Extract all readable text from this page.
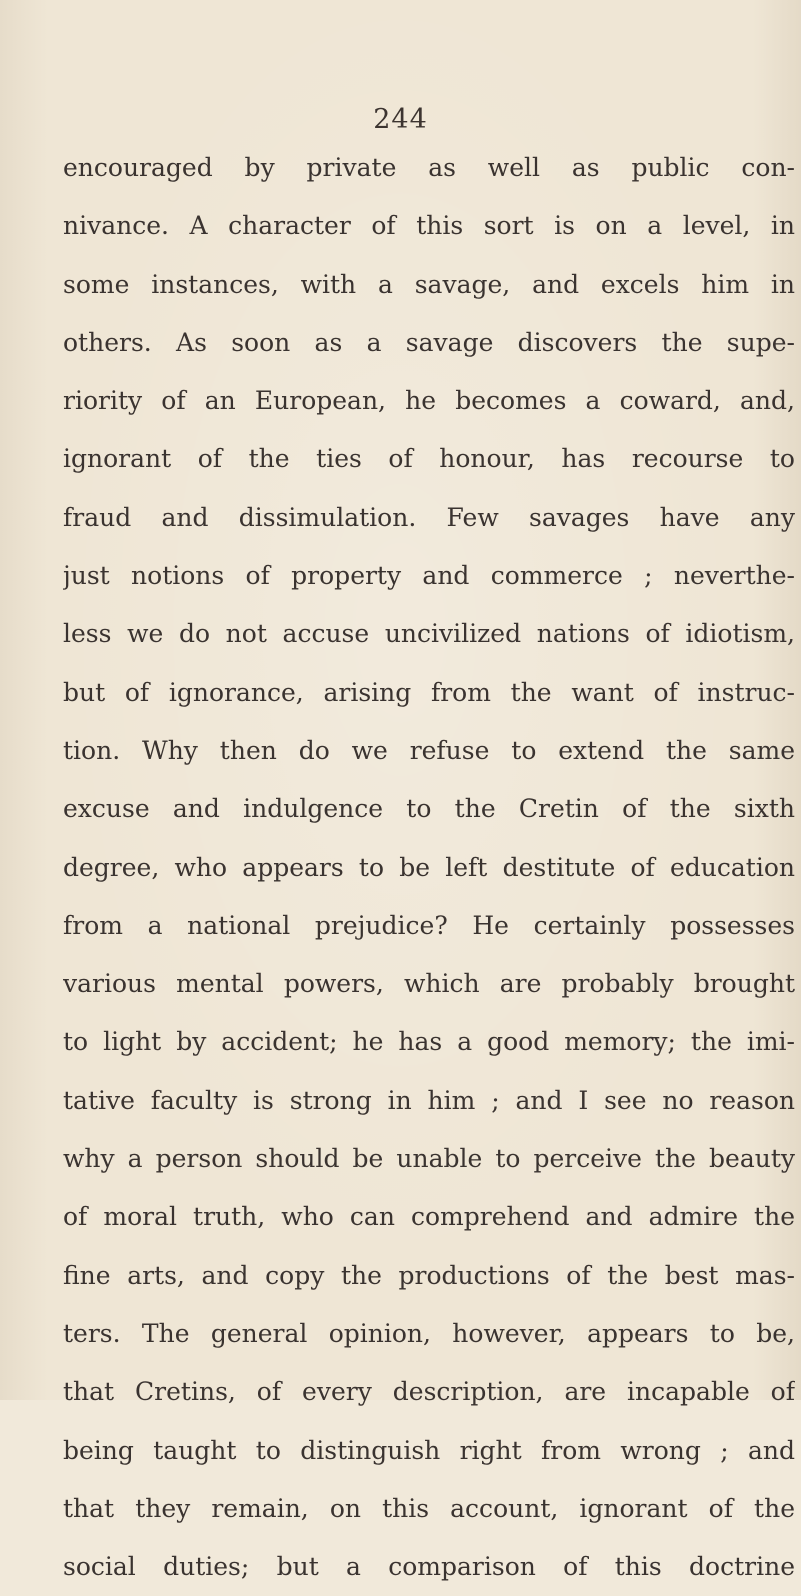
244
encouraged by private as well as public con-
nivance. A character of this sort is on a level, in
some instances, with a savage, and excels him in
others. As soon as a savage discovers the supe-
riority of an European, he becomes a coward, and,
ignorant of the ties of honour, has recourse to
fraud and dissimulation. Few savages have any
just notions of property and commerce ; neverthe-
less we do not accuse uncivilized nations of idiotism,
but of ignorance, arising from the want of instruc-
tion. Why then do we refuse to extend the same
excuse and indulgence to the Cretin of the sixth
degree, who appears to be left destitute of education
from a national prejudice? He certainly possesses
various mental powers, which are probably brought
to light by accident; he has a good memory; the imi-
tative faculty is strong in him ; and I see no reason
why a person should be unable to perceive the beauty
of moral truth, who can comprehend and admire the
fine arts, and copy the productions of the best mas-
ters. The general opinion, however, appears to be,
that Cretins, of every description, are incapable of
being taught to distinguish right from wrong ; and
that they remain, on this account, ignorant of the
social duties; but a comparison of this doctrine
